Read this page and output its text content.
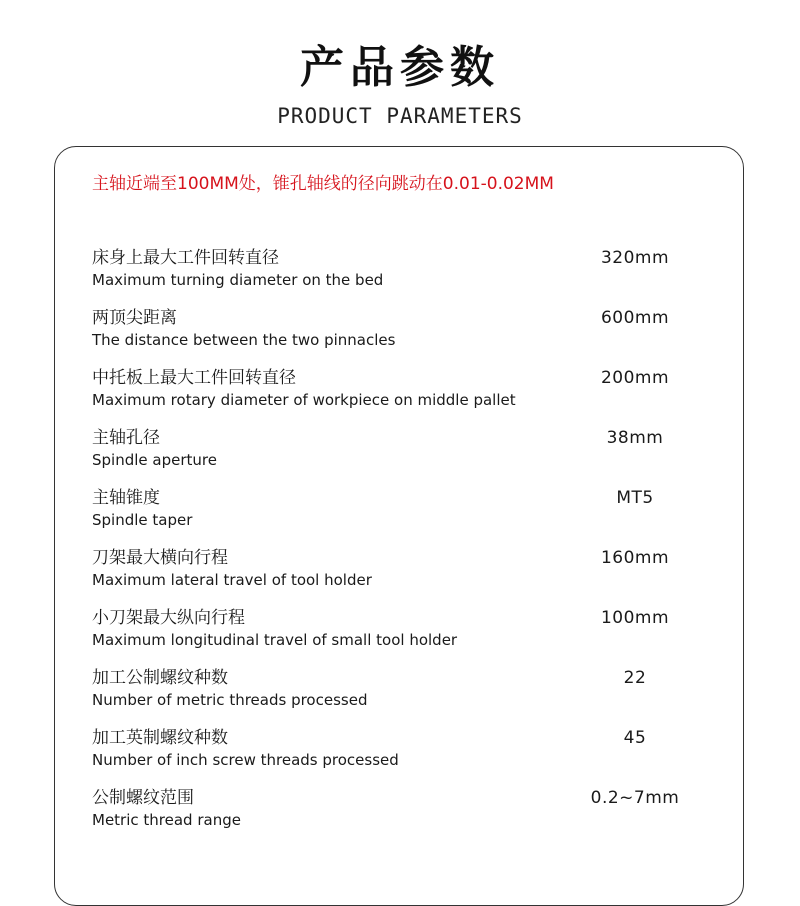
产品参数
PRODUCT PARAMETERS
主轴近端至100MM处，锥孔轴线的径向跳动在0.01-0.02MM
床身上最大工件回转直径
Maximum turning diameter on the bed
320mm
两顶尖距离
The distance between the two pinnacles
600mm
中托板上最大工件回转直径
Maximum rotary diameter of workpiece on middle pallet
200mm
主轴孔径
Spindle aperture
38mm
主轴锥度
Spindle taper
MT5
刀架最大横向行程
Maximum lateral travel of tool holder
160mm
小刀架最大纵向行程
Maximum longitudinal travel of small tool holder
100mm
加工公制螺纹种数
Number of metric threads processed
22
加工英制螺纹种数
Number of inch screw threads processed
45
公制螺纹范围
Metric thread range
0.2~7mm
